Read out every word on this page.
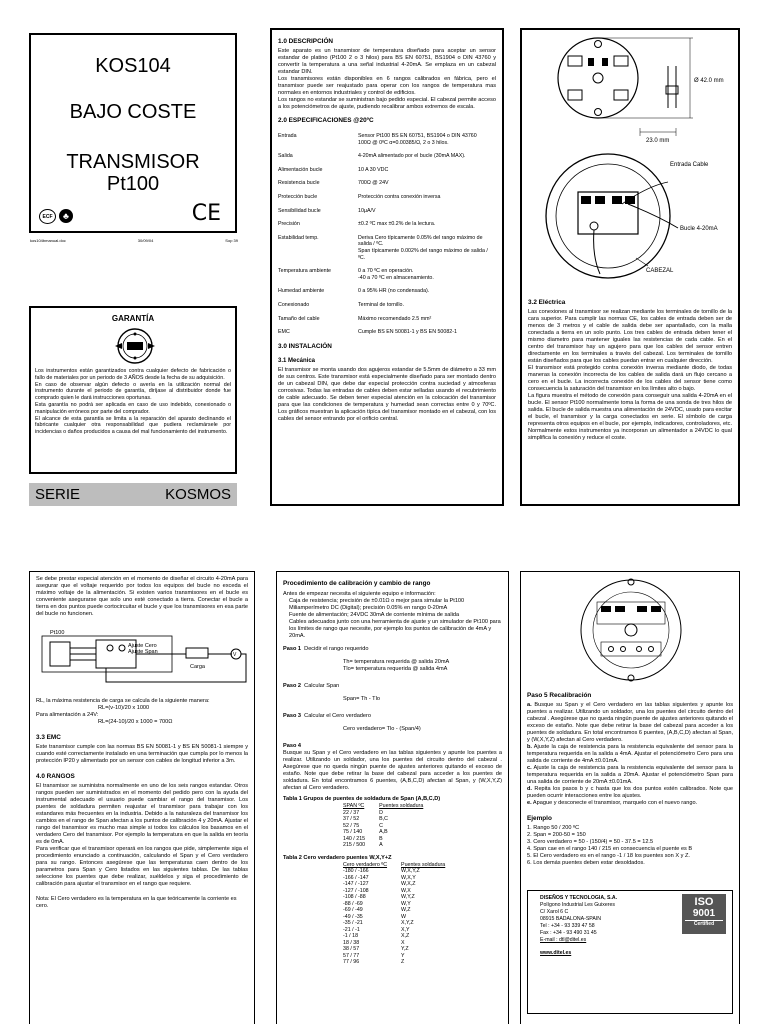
KOS104
BAJO COSTE
TRANSMISOR
Pt100
ECF	♣	CE
kos104bmanual.doc	30/09/04	Sop 39
GARANTÍA
Los instrumentos están garantizados contra cualquier defecto de fabricación o fallo de materiales por un periodo de 3 AÑOS desde la fecha de su adquisición.
En caso de observar algún defecto o avería en la utilización normal del instrumento durante el periodo de garantía, diríjase al distribuidor donde fue comprado quien le dará instrucciones oportunas.
Esta garantía no podrá ser aplicada en caso de uso indebido, conexionado o manipulación erróneos por parte del comprador.
El alcance de esta garantía se limita a la reparación del aparato declinando el fabricante cualquier otra responsabilidad que pudiera reclamársele por incidencias o daños producidos a causa del mal funcionamiento del instrumento.
SERIE	KOSMOS
1.0 DESCRIPCIÓN
Este aparato es un transmisor de temperatura diseñado para aceptar un sensor estandar de platino (Pt100 2 o 3 hilos) para BS EN 60751, BS1904 o DIN 43760 y convertir la temperatura a una señal industrial 4-20mA. Se emplaza en un cabezal estandar DIN.
Los transmisores están disponibles en 6 rangos calibrados en fábrica, pero el transmisor puede ser reajustado para operar con los rangos de temperatura mas normales en entornos industriales y control de edificios.
Los rangos no estandar se suministran bajo pedido especial. El cabezal permite acceso a los potenciómetros de ajuste, pudiendo recalibrar ambos extremos de escala.
2.0 ESPECIFICACIONES @20ºC
Entrada	Sensor Pt100 BS EN 60751, BS1904 o DIN 43760
100Ω @ 0ºC α=0.00385/Ω, 2 o 3 hilos.
Salida	4-20mA alimentado por el bucle (30mA MAX).
Alimentación bucle	10 A 30 VDC
Resistencia bucle	700Ω @ 24V
Protección bucle	Protección contra conexión inversa
Sensibilidad bucle	10µA/V
Precisión	±0.2 ºC max ±0.2% de la lectura.
Estabilidad temp.	Deriva Cero típicamente 0.05% del rango máximo de salida / ºC.
Span típicamente 0.002% del rango máximo de salida / ºC.
Temperatura ambiente	0 a 70 ºC en operación.
-40 a 70 ºC en almacenamiento.
Humedad ambiente	0 a 95% HR (no condensada).
Conexionado	Terminal de tornillo.
Tamaño del cable	Máximo recomendado 2.5 mm²
EMC	Cumple BS EN 50081-1 y BS EN 50082-1
3.0 INSTALACIÓN
3.1 Mecánica
El transmisor se monta usando dos agujeros estandar de 5.5mm de diámetro a 33 mm de sus centros. Este transmisor está especialmente diseñado para ser montado dentro de un cabezal DIN, que debe dar especial protección contra suciedad y atmosferas corrosivas. Todas las entradas de cables deben estar selladas usando el recubrimiento de cable adecuado. Se deben tener especial atención en la colocación del transmisor para que las condiciones de temperatura y humedad sean correctas entre 0 y 70ºC. Los gráficos muestran la aplicación típica del transmisor montado en el cabezal, con los cables del sensor entrando por el orificio central.
Ø 42.0 mm
23.0 mm
Entrada Cable
Bucle 4-20mA
CABEZAL
3.2 Eléctrica
Las conexiones al transmisor se realizan mediante los terminales de tornillo de la cara superior. Para cumplir las normas CE, los cables de entrada deben ser de menos de 3 metros y el cable de salida debe ser apantallado, con la malla conectada a tierra en un solo punto. Los tres cables de entrada deben tener el mismo diametro para mantener iguales las resistencias de cada cable. En el centro del transmisor hay un agujero para que los cables del sensor entren directamente en los terminales a través del cabezal. Los terminales de tornillo están diseñados para que los cables puedan entrar en cualquier dirección.
El transmisor está protegido contra conexión inversa mediante diodo, de todas maneras la conexión incorrecta de los cables de salida dará un flujo cercano a cero en el bucle. La incorrecta conexión de los cables del sensor tiene como consecuencia la saturación del transmisor en los límites alto o bajo.
La figura muestra el método de conexión para conseguir una salida 4-20mA en el bucle. El sensor Pt100 normalmente toma la forma de una sonda de tres hilos de salida. El bucle de salida muestra una alimentación de 24VDC, usado para excitar el bucle, el transmisor y la carga conectados en serie. El símbolo de carga representa otros equipos en el bucle, por ejemplo, indicadores, controladores, etc. Normalmente estos instrumentos ya incorporan un alimentador a 24VDC lo qual simplifica la conexión y reduce el coste.
Se debe prestar especial atención en el momento de diseñar el circuito 4-20mA para asegurar que el voltaje requerido por todos los equipos del bucle no exceda el máximo voltaje de la alimentación. Si existen varios transmisores en el bucle es conveniente asegurarse que solo uno esté conectado a tierra. Conectar el bucle a tierra en dos puntos puede cortocircuitar el bucle y que los transmisores en esa parte del bucle no funcionen.
Pt100
Ajuste Cero
Ajuste Span
Carga
V
RL, la máxima resistencia de carga se calcula de la siguiente manera:
RL=(v-10)/20 x 1000
Para alimentación a 24V:
RL=(24-10)/20 x 1000 = 700Ω
3.3 EMC
Este transmisor cumple con las normas BS EN 50081-1 y BS EN 50081-1 siempre y cuando esté correctamente instalado en una terminación que cumpla por lo menos la protección IP20 y alimentado por un sensor con cables de longitud inferior a 3m.
4.0 RANGOS
El transmisor se suministra normalmente en uno de los seis rangos estandar. Otros rangos pueden ser suministrados en el momento del pedido pero con la ayuda del instrumental adecuado el usuario puede cambiar el rango del transmisor. Los puentes de soldadura permiten reajustar el transmisor para trabajar con los estandares más frecuentes en la industria. Debido a la naturaleza del transmisor los cambios en el rango de Span afectan a los puntos de calibración 4 y 20mA. Ajustar el rango del transmisor es mucho mas simple si todos los cálculos los basamos en el verdadero Cero del transmisor. Por ejemplo la temperatura en que la salida en teoría es de 0mA.
Para verificar que el transmisor operará en los rangos que pide, simplemente siga el procedimiento enunciado a continuación, calculando el Span y el Cero verdadero para su rango. Entonces asegúrese que las temperaturas caen dentro de los parametros para Span y Cero listados en las siguientes tablas. De las tablas seleccione los puentes que debe realizar, suéldelos y siga el procedimiento de calibración para ajustar el transmisor en el rango que requiere.
Nota: El Cero verdadero es la temperatura en la que teóricamente la corriente es cero.
Procedimiento de calibración y cambio de rango
Antes de empezar necesita el siguiente equipo e información:
Caja de resistencia; precisión de ±0.01Ω o mejor para simular la Pt100
Miliamperímetro DC (Digital); precisión 0.05% en rango 0-20mA
Fuente de alimentación; 24VDC 30mA de corriente mínima de salida
Cables adecuados junto con una herramienta de ajuste y un simulador de Pt100 para los límites de rango que necesite, por ejemplo los puntos de calibración de 4mA y 20mA.
Paso 1 Decidir el rango requerido
Th= temperatura requerida @ salida 20mA
Tlo= temperatura requerida @ salida 4mA
Paso 2 Calcular Span
Span= Th - Tlo
Paso 3 Calcular el Cero verdadero
Cero verdadero= Tlo - (Span/4)
Paso 4
Busque su Span y el Cero verdadero en las tablas siguientes y apunte los puentes a realizar. Utilizando un soldador, una los puentes del circuito dentro del cabezal . Asegúrese que no queda ningún puente de ajustes anteriores quitando el exceso de estaño. Note que debe retirar la base del cabezal para acceder a los puentes de soldadura. En total encontramos 6 puentes, (A,B,C,D) afectan al Span, y (W,X,Y,Z) afectan al Cero verdadero.
Tabla 1 Grupos de puentes de soldadura de Span (A,B,C,D)
SPAN ºC	Puentes soldadura
22 / 37	D
37 / 52	B,C
52 / 75	C
75 / 140	A,B
140 / 215	B
215 / 500	A
Tabla 2 Cero verdadero puentes W,X,Y+Z
Cero verdadero ºC	Puentes soldadura
-180 / -166	W,X,Y,Z
-166 / -147	W,X,Y
-147 / -127	W,X,Z
-127 / -108	W,X
-108 / -88	W,Y,Z
-88 / -69	W,Y
-69 / -49	W,Z
-49 / -35	W
-35 / -21	X,Y,Z
-21 / -1	X,Y
-1 / 18	X,Z
18 / 38	X
38 / 57	Y,Z
57 / 77	Y
77 / 96	Z
Paso 5 Recalibración
a. Busque su Span y el Cero verdadero en las tablas siguientes y apunte los puentes a realizar. Utilizando un soldador, una los puentes del circuito dentro del cabezal . Asegúrese que no queda ningún puente de ajustes anteriores quitando el exceso de estaño. Note que debe retirar la base del cabezal para acceder a los puentes de soldadura. En total encontramos 6 puentes, (A,B,C,D) afectan al Span, y (W,X,Y,Z) afectan al Cero verdadero.
b. Ajuste la caja de resistencia para la resistencia equivalente del sensor para la temperatura requerida en la salida a 4mA. Ajustar el potenciómetro Cero para una salida de corriente de 4mA ±0.01mA.
c. Ajuste la caja de resistencia para la resistencia equivalente del sensor para la temperatura requerida en la salida a 20mA. Ajustar el potenciómetro Span para una salida de corriente de 20mA ±0.01mA.
d. Repita los pasos b y c hasta que los dos puntos estén calibrados. Note que pueden ocurrir interacciones entre los ajustes.
e. Apague y desconecte el transmisor, marquelo con el nuevo rango.
Ejemplo
1. Rango 50 / 200 ºC
2. Span = 200-50 = 150
3. Cero verdadero = 50 - (150/4) = 50 - 37.5 = 12.5
4. Span cae en el rango 140 / 215 en consecuencia el puente es B
5. El Cero verdadero es en el rango -1 / 18 los puentes son X y Z.
6. Los demás puentes deben estar desoldados.
DISEÑOS Y TECNOLOGIA, S.A.
Polígono Industrial Les Guixeres
C/ Xarol 6 C
08915 BADALONA-SPAIN
Tel : +34 - 93 339 47 58
Fax : +34 - 93 490 31 45
E-mail : dtl@ditel.es
www.ditel.es
ISO
9001
Certified
